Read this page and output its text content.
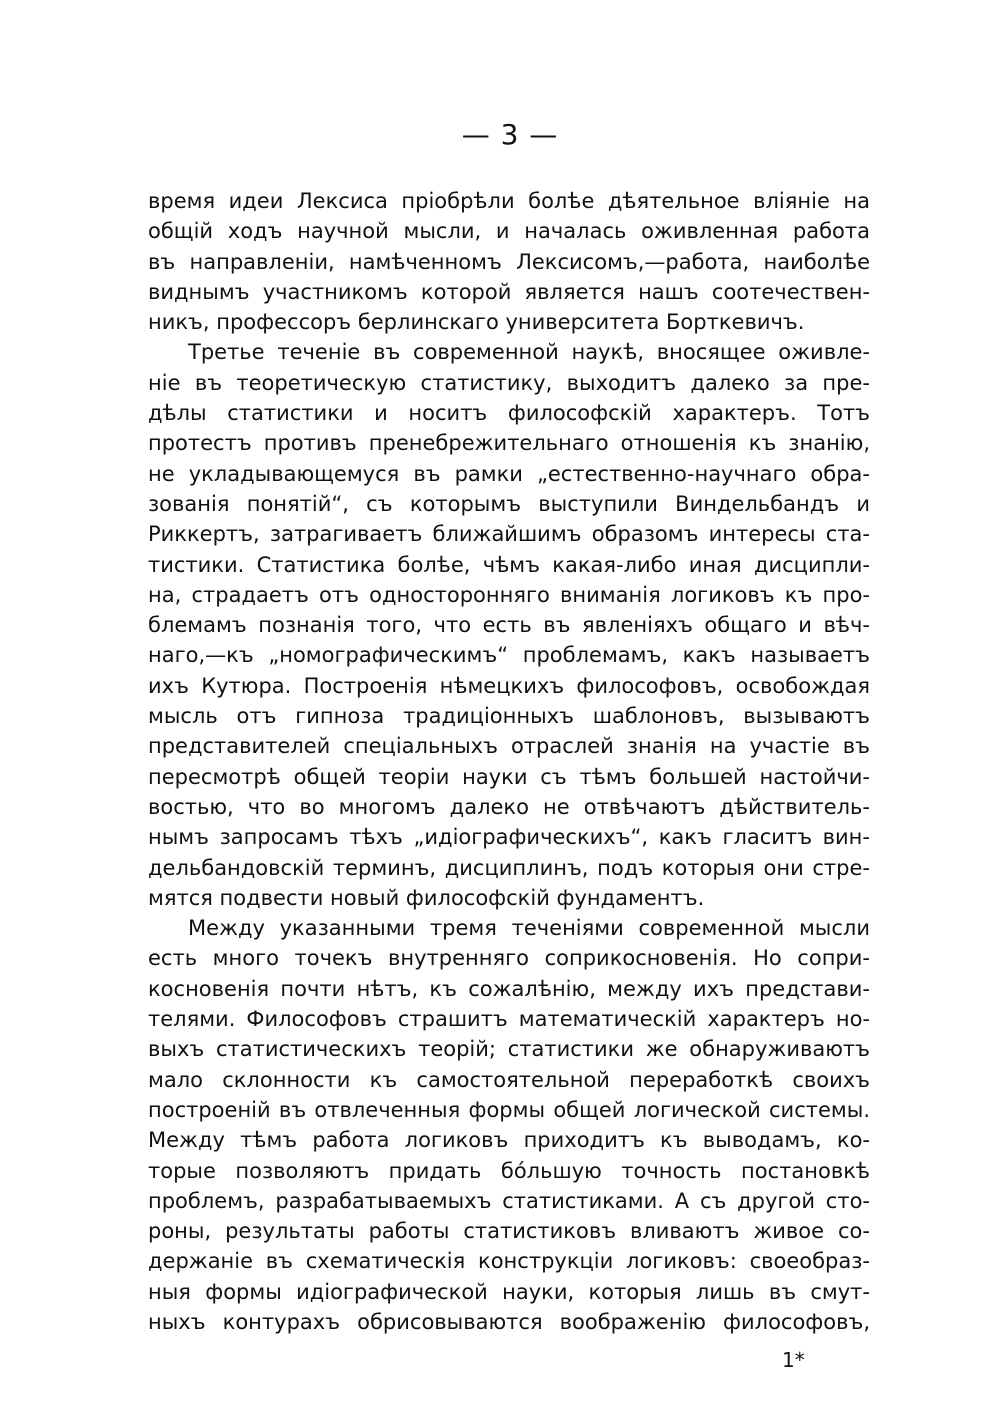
— 3 —
время идеи Лексиса пріобрѣли болѣе дѣятельное вліяніе на
общій ходъ научной мысли, и началась оживленная работа
въ направленіи, намѣченномъ Лексисомъ,—работа, наиболѣе
виднымъ участникомъ которой является нашъ соотечествен-
никъ, профессоръ берлинскаго университета Борткевичъ.
Третье теченіе въ современной наукѣ, вносящее оживле-
ніе въ теоретическую статистику, выходитъ далеко за пре-
дѣлы статистики и носитъ философскій характеръ. Тотъ
протестъ противъ пренебрежительнаго отношенія къ знанію,
не укладывающемуся въ рамки „естественно-научнаго обра-
зованія понятій“, съ которымъ выступили Виндельбандъ и
Риккертъ, затрагиваетъ ближайшимъ образомъ интересы ста-
тистики. Статистика болѣе, чѣмъ какая-либо иная дисципли-
на, страдаетъ отъ односторонняго вниманія логиковъ къ про-
блемамъ познанія того, что есть въ явленіяхъ общаго и вѣч-
наго,—къ „номографическимъ“ проблемамъ, какъ называетъ
ихъ Кутюра. Построенія нѣмецкихъ философовъ, освобождая
мысль отъ гипноза традиціонныхъ шаблоновъ, вызываютъ
представителей спеціальныхъ отраслей знанія на участіе въ
пересмотрѣ общей теоріи науки съ тѣмъ большей настойчи-
востью, что во многомъ далеко не отвѣчаютъ дѣйствитель-
нымъ запросамъ тѣхъ „идіографическихъ“, какъ гласитъ вин-
дельбандовскій терминъ, дисциплинъ, подъ которыя они стре-
мятся подвести новый философскій фундаментъ.
Между указанными тремя теченіями современной мысли
есть много точекъ внутренняго соприкосновенія. Но сопри-
косновенія почти нѣтъ, къ сожалѣнію, между ихъ представи-
телями. Философовъ страшитъ математическій характеръ но-
выхъ статистическихъ теорій; статистики же обнаруживаютъ
мало склонности къ самостоятельной переработкѣ своихъ
построеній въ отвлеченныя формы общей логической системы.
Между тѣмъ работа логиковъ приходитъ къ выводамъ, ко-
торые позволяютъ придать бо́льшую точность постановкѣ
проблемъ, разрабатываемыхъ статистиками. А съ другой сто-
роны, результаты работы статистиковъ вливаютъ живое со-
держаніе въ схематическія конструкціи логиковъ: своеобраз-
ныя формы идіографической науки, которыя лишь въ смут-
ныхъ контурахъ обрисовываются воображенію философовъ,
1*
